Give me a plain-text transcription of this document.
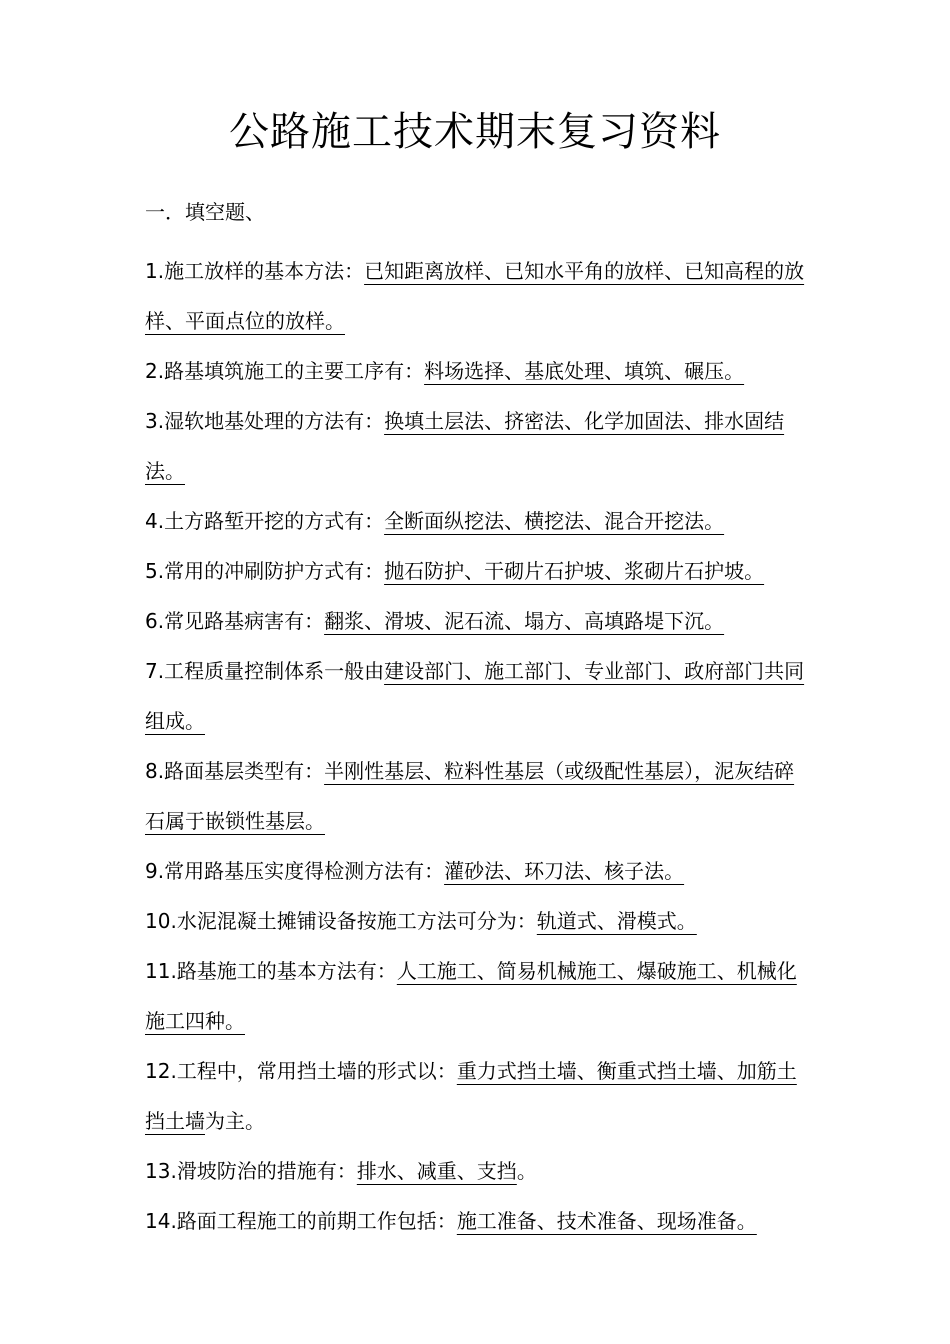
公路施工技术期末复习资料
一．填空题、

1.施工放样的基本方法：已知距离放样、已知水平角的放样、已知高程的放样、平面点位的放样。

2.路基填筑施工的主要工序有：料场选择、基底处理、填筑、碾压。

3.湿软地基处理的方法有：换填土层法、挤密法、化学加固法、排水固结法。

4.土方路堑开挖的方式有：全断面纵挖法、横挖法、混合开挖法。

5.常用的冲刷防护方式有：抛石防护、干砌片石护坡、浆砌片石护坡。

6.常见路基病害有：翻浆、滑坡、泥石流、塌方、高填路堤下沉。

7.工程质量控制体系一般由建设部门、施工部门、专业部门、政府部门共同组成。

8.路面基层类型有：半刚性基层、粒料性基层（或级配性基层），泥灰结碎石属于嵌锁性基层。

9.常用路基压实度得检测方法有：灌砂法、环刀法、核子法。

10.水泥混凝土摊铺设备按施工方法可分为：轨道式、滑模式。

11.路基施工的基本方法有：人工施工、简易机械施工、爆破施工、机械化施工四种。

12.工程中，常用挡土墙的形式以：重力式挡土墙、衡重式挡土墙、加筋土挡土墙为主。

13.滑坡防治的措施有：排水、减重、支挡。

14.路面工程施工的前期工作包括：施工准备、技术准备、现场准备。
